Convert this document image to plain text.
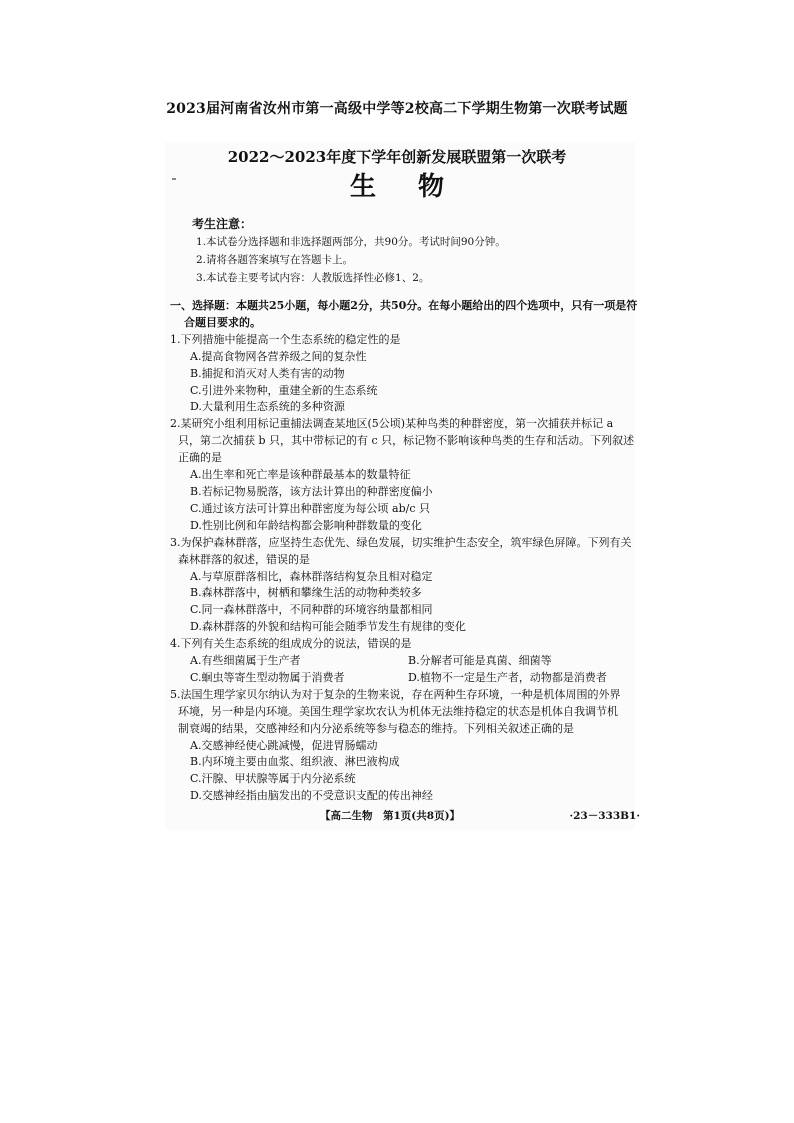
2023届河南省汝州市第一高级中学等2校高二下学期生物第一次联考试题
2022～2023年度下学年创新发展联盟第一次联考
生物
考生注意：
1.本试卷分选择题和非选择题两部分，共90分。考试时间90分钟。
2.请将各题答案填写在答题卡上。
3.本试卷主要考试内容：人教版选择性必修1、2。
一、选择题：本题共25小题，每小题2分，共50分。在每小题给出的四个选项中，只有一项是符
合题目要求的。
1.下列措施中能提高一个生态系统的稳定性的是
A.提高食物网各营养级之间的复杂性
B.捕捉和消灭对人类有害的动物
C.引进外来物种，重建全新的生态系统
D.大量利用生态系统的多种资源
2.某研究小组利用标记重捕法调查某地区(5公顷)某种鸟类的种群密度，第一次捕获并标记 a
只，第二次捕获 b 只，其中带标记的有 c 只，标记物不影响该种鸟类的生存和活动。下列叙述
正确的是
A.出生率和死亡率是该种群最基本的数量特征
B.若标记物易脱落，该方法计算出的种群密度偏小
C.通过该方法可计算出种群密度为每公顷 ab/c 只
D.性别比例和年龄结构都会影响种群数量的变化
3.为保护森林群落，应坚持生态优先、绿色发展，切实维护生态安全，筑牢绿色屏障。下列有关
森林群落的叙述，错误的是
A.与草原群落相比，森林群落结构复杂且相对稳定
B.森林群落中，树栖和攀缘生活的动物种类较多
C.同一森林群落中，不同种群的环境容纳量都相同
D.森林群落的外貌和结构可能会随季节发生有规律的变化
4.下列有关生态系统的组成成分的说法，错误的是
A.有些细菌属于生产者	B.分解者可能是真菌、细菌等
C.蛔虫等寄生型动物属于消费者	D.植物不一定是生产者，动物都是消费者
5.法国生理学家贝尔纳认为对于复杂的生物来说，存在两种生存环境，一种是机体周围的外界
环境，另一种是内环境。美国生理学家坎农认为机体无法维持稳定的状态是机体自我调节机
制衰竭的结果，交感神经和内分泌系统等参与稳态的维持。下列相关叙述正确的是
A.交感神经使心跳减慢，促进胃肠蠕动
B.内环境主要由血浆、组织液、淋巴液构成
C.汗腺、甲状腺等属于内分泌系统
D.交感神经指由脑发出的不受意识支配的传出神经
【高二生物　第1页(共8页)】	·23－333B1·
